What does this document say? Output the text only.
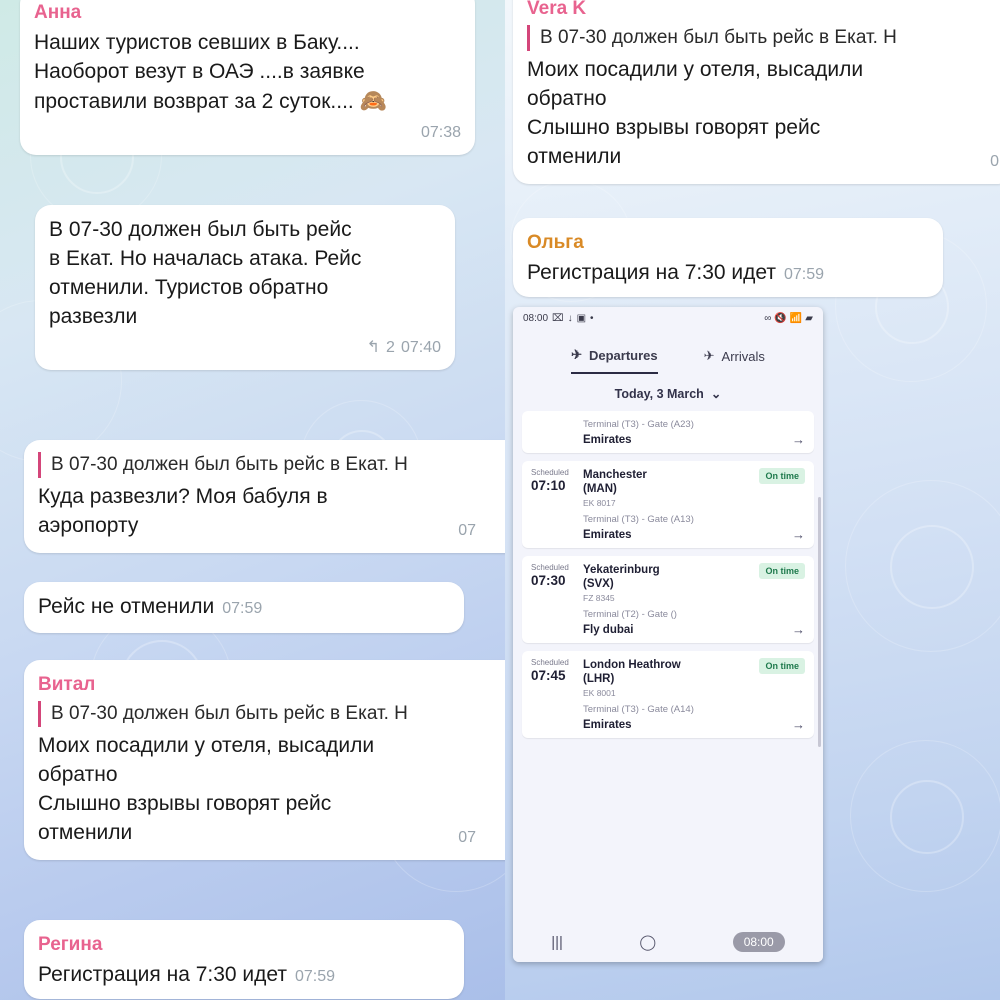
Анна
Наших туристов севших в Баку....
Наоборот везут в ОАЭ ....в заявке
проставили возврат за 2 суток.... 🙈
07:38
В 07-30 должен был быть рейс
в Екат. Но началась атака. Рейс
отменили. Туристов обратно
развезли
↰ 2 07:40
В 07-30 должен был быть рейс в Екат. Н
Куда развезли? Моя бабуля в
аэропорту	07
Рейс не отменили 07:59
Витал
В 07-30 должен был быть рейс в Екат. Н
Моих посадили у отеля, высадили
обратно
Слышно взрывы говорят рейс
отменили	07
Регина
Регистрация на 7:30 идет 07:59
Vera K
В 07-30 должен был быть рейс в Екат. Н
Моих посадили у отеля, высадили
обратно
Слышно взрывы говорят рейс
отменили	0
Ольга
Регистрация на 7:30 идет 07:59
08:00 ⌧ ↓ ▣ •	∞ 🔇 📶 ▰
✈ Departures	✈ Arrivals
Today, 3 March ⌄
Terminal (T3) - Gate (A23)
Emirates	→
Scheduled
07:10
Manchester
(MAN)
EK 8017
On time
Terminal (T3) - Gate (A13)
Emirates	→
Scheduled
07:30
Yekaterinburg
(SVX)
FZ 8345
On time
Terminal (T2) - Gate ()
Fly dubai	→
Scheduled
07:45
London Heathrow
(LHR)
EK 8001
On time
Terminal (T3) - Gate (A14)
Emirates	→
|||	◯	08:00
